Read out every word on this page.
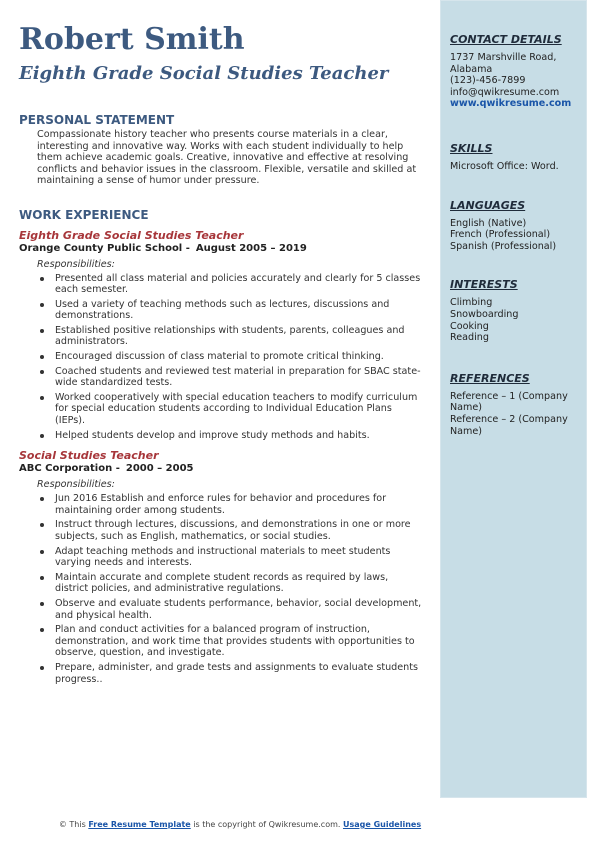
Robert Smith
Eighth Grade Social Studies Teacher
PERSONAL STATEMENT

Compassionate history teacher who presents course materials in a clear, interesting and innovative way. Works with each student individually to help them achieve academic goals. Creative, innovative and effective at resolving conflicts and behavior issues in the classroom. Flexible, versatile and skilled at maintaining a sense of humor under pressure.

WORK EXPERIENCE
Eighth Grade Social Studies Teacher
Orange County Public School - August 2005 – 2019
Responsibilities:
Presented all class material and policies accurately and clearly for 5 classes each semester.
Used a variety of teaching methods such as lectures, discussions and demonstrations.
Established positive relationships with students, parents, colleagues and administrators.
Encouraged discussion of class material to promote critical thinking.
Coached students and reviewed test material in preparation for SBAC state-wide standardized tests.
Worked cooperatively with special education teachers to modify curriculum for special education students according to Individual Education Plans (IEPs).
Helped students develop and improve study methods and habits.
Social Studies Teacher
ABC Corporation - 2000 – 2005
Responsibilities:
Jun 2016 Establish and enforce rules for behavior and procedures for maintaining order among students.
Instruct through lectures, discussions, and demonstrations in one or more subjects, such as English, mathematics, or social studies.
Adapt teaching methods and instructional materials to meet students varying needs and interests.
Maintain accurate and complete student records as required by laws, district policies, and administrative regulations.
Observe and evaluate students performance, behavior, social development, and physical health.
Plan and conduct activities for a balanced program of instruction, demonstration, and work time that provides students with opportunities to observe, question, and investigate.
Prepare, administer, and grade tests and assignments to evaluate students progress..
CONTACT DETAILS
1737 Marshville Road,
Alabama
(123)-456-7899
info@qwikresume.com
www.qwikresume.com
SKILLS
Microsoft Office: Word.
LANGUAGES
English (Native)
French (Professional)
Spanish (Professional)
INTERESTS
Climbing
Snowboarding
Cooking
Reading
REFERENCES
Reference – 1 (Company Name)
Reference – 2 (Company Name)
© This Free Resume Template is the copyright of Qwikresume.com. Usage Guidelines
